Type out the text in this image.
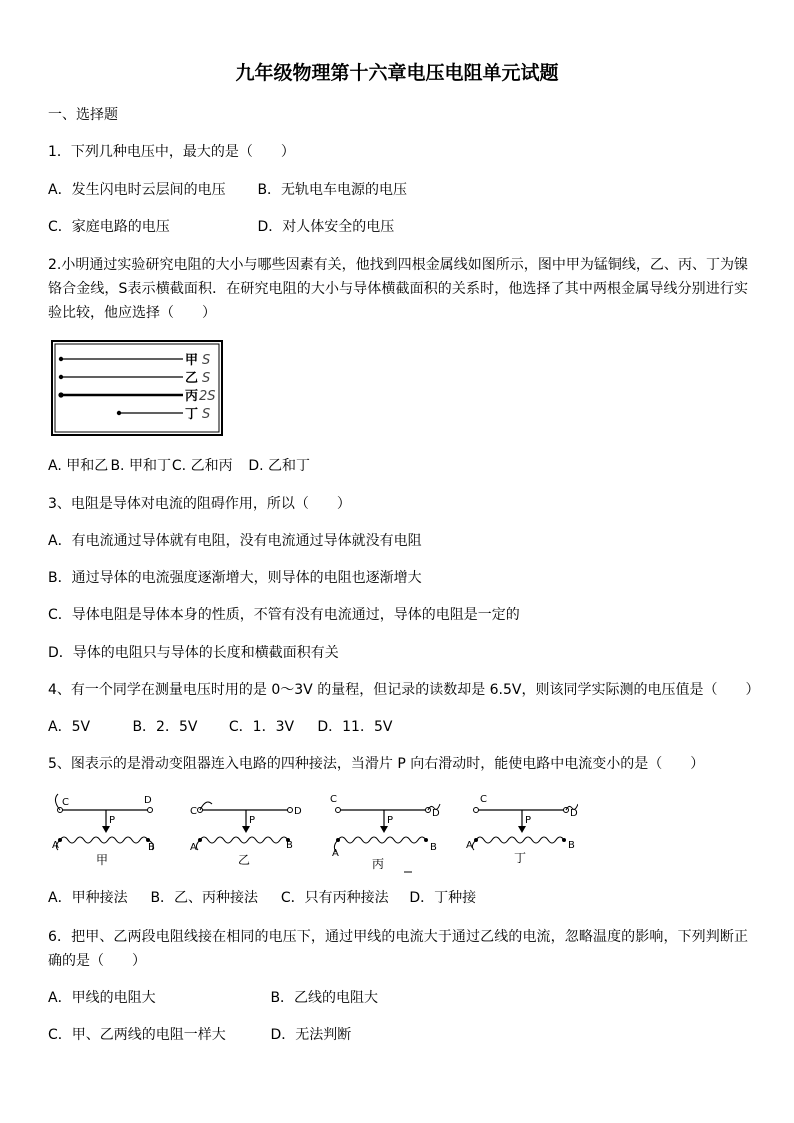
九年级物理第十六章电压电阻单元试题
一、选择题
1．下列几种电压中，最大的是（　　）
A．发生闪电时云层间的电压 B．无轨电车电源的电压
C．家庭电路的电压	D．对人体安全的电压
2.小明通过实验研究电阻的大小与哪些因素有关，他找到四根金属线如图所示，图中甲为锰铜线，乙、丙、丁为镍铬合金线，S表示横截面积．在研究电阻的大小与导体横截面积的关系时，他选择了其中两根金属导线分别进行实验比较，他应选择（　　）
甲 S
乙 S
丙 2S
丁 S
A. 甲和乙 B. 甲和丁 C. 乙和丙 D. 乙和丁
3、电阻是导体对电流的阻碍作用，所以（　　）
A．有电流通过导体就有电阻，没有电流通过导体就没有电阻
B．通过导体的电流强度逐渐增大，则导体的电阻也逐渐增大
C．导体电阻是导体本身的性质，不管有没有电流通过，导体的电阻是一定的
D．导体的电阻只与导体的长度和横截面积有关
4、有一个同学在测量电压时用的是 0～3V 的量程，但记录的读数却是 6.5V，则该同学实际测的电压值是（　　）
A．5V	B．2．5V C．1．3V D．11．5V
5、图表示的是滑动变阻器连入电路的四种接法，当滑片 P 向右滑动时，能使电路中电流变小的是（　　）
C	D
P
A	B
甲
C	D
P
A	B
乙
C
D
P
A
B
丙
C
D
P
A	B
丁
A．甲种接法 B．乙、丙种接法 C．只有丙种接法 D．丁种接
6．把甲、乙两段电阻线接在相同的电压下，通过甲线的电流大于通过乙线的电流，忽略温度的影响，下列判断正确的是（　　）
A．甲线的电阻大	B．乙线的电阻大
C．甲、乙两线的电阻一样大	D．无法判断
